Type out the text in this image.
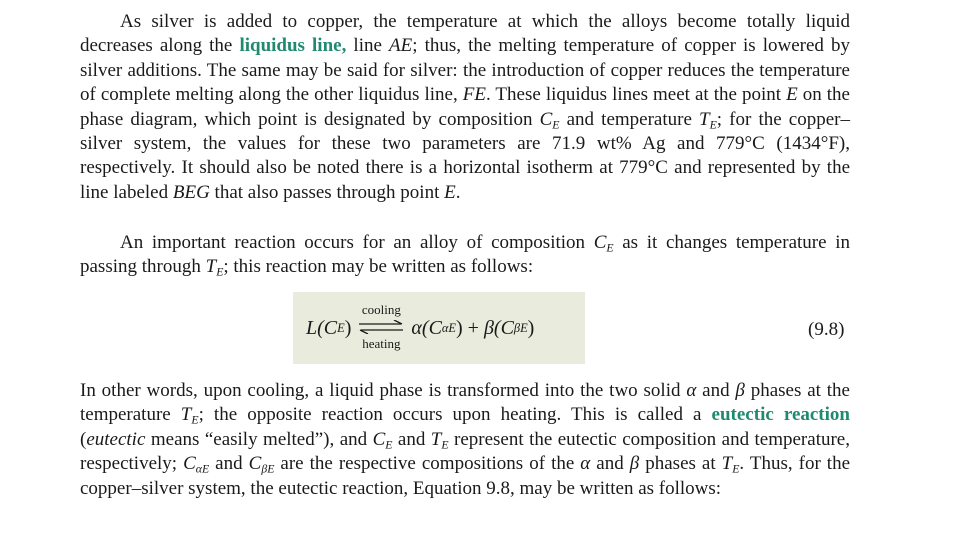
As silver is added to copper, the temperature at which the alloys become totally liquid decreases along the liquidus line, line AE; thus, the melting temperature of copper is lowered by silver additions. The same may be said for silver: the introduction of copper reduces the temperature of complete melting along the other liquidus line, FE. These liquidus lines meet at the point E on the phase diagram, which point is designated by composition $C_E$ and temperature $T_E$; for the copper–silver system, the values for these two parameters are 71.9 wt% Ag and 779°C (1434°F), respectively. It should also be noted there is a horizontal isotherm at 779°C and represented by the line labeled BEG that also passes through point E.

An important reaction occurs for an alloy of composition $C_E$ as it changes temperature in passing through $T_E$; this reaction may be written as follows:

L( C E )
cooling
heating
α( C αE ) + β( C βE )	(9.8)

In other words, upon cooling, a liquid phase is transformed into the two solid α and β phases at the temperature $T_E$; the opposite reaction occurs upon heating. This is called a eutectic reaction (eutectic means “easily melted”), and $C_E$ and $T_E$ represent the eutectic composition and temperature, respectively; $C_{\alpha E}$ and $C_{\beta E}$ are the respective compositions of the α and β phases at $T_E$. Thus, for the copper–silver system, the eutectic reaction, Equation 9.8, may be written as follows:
